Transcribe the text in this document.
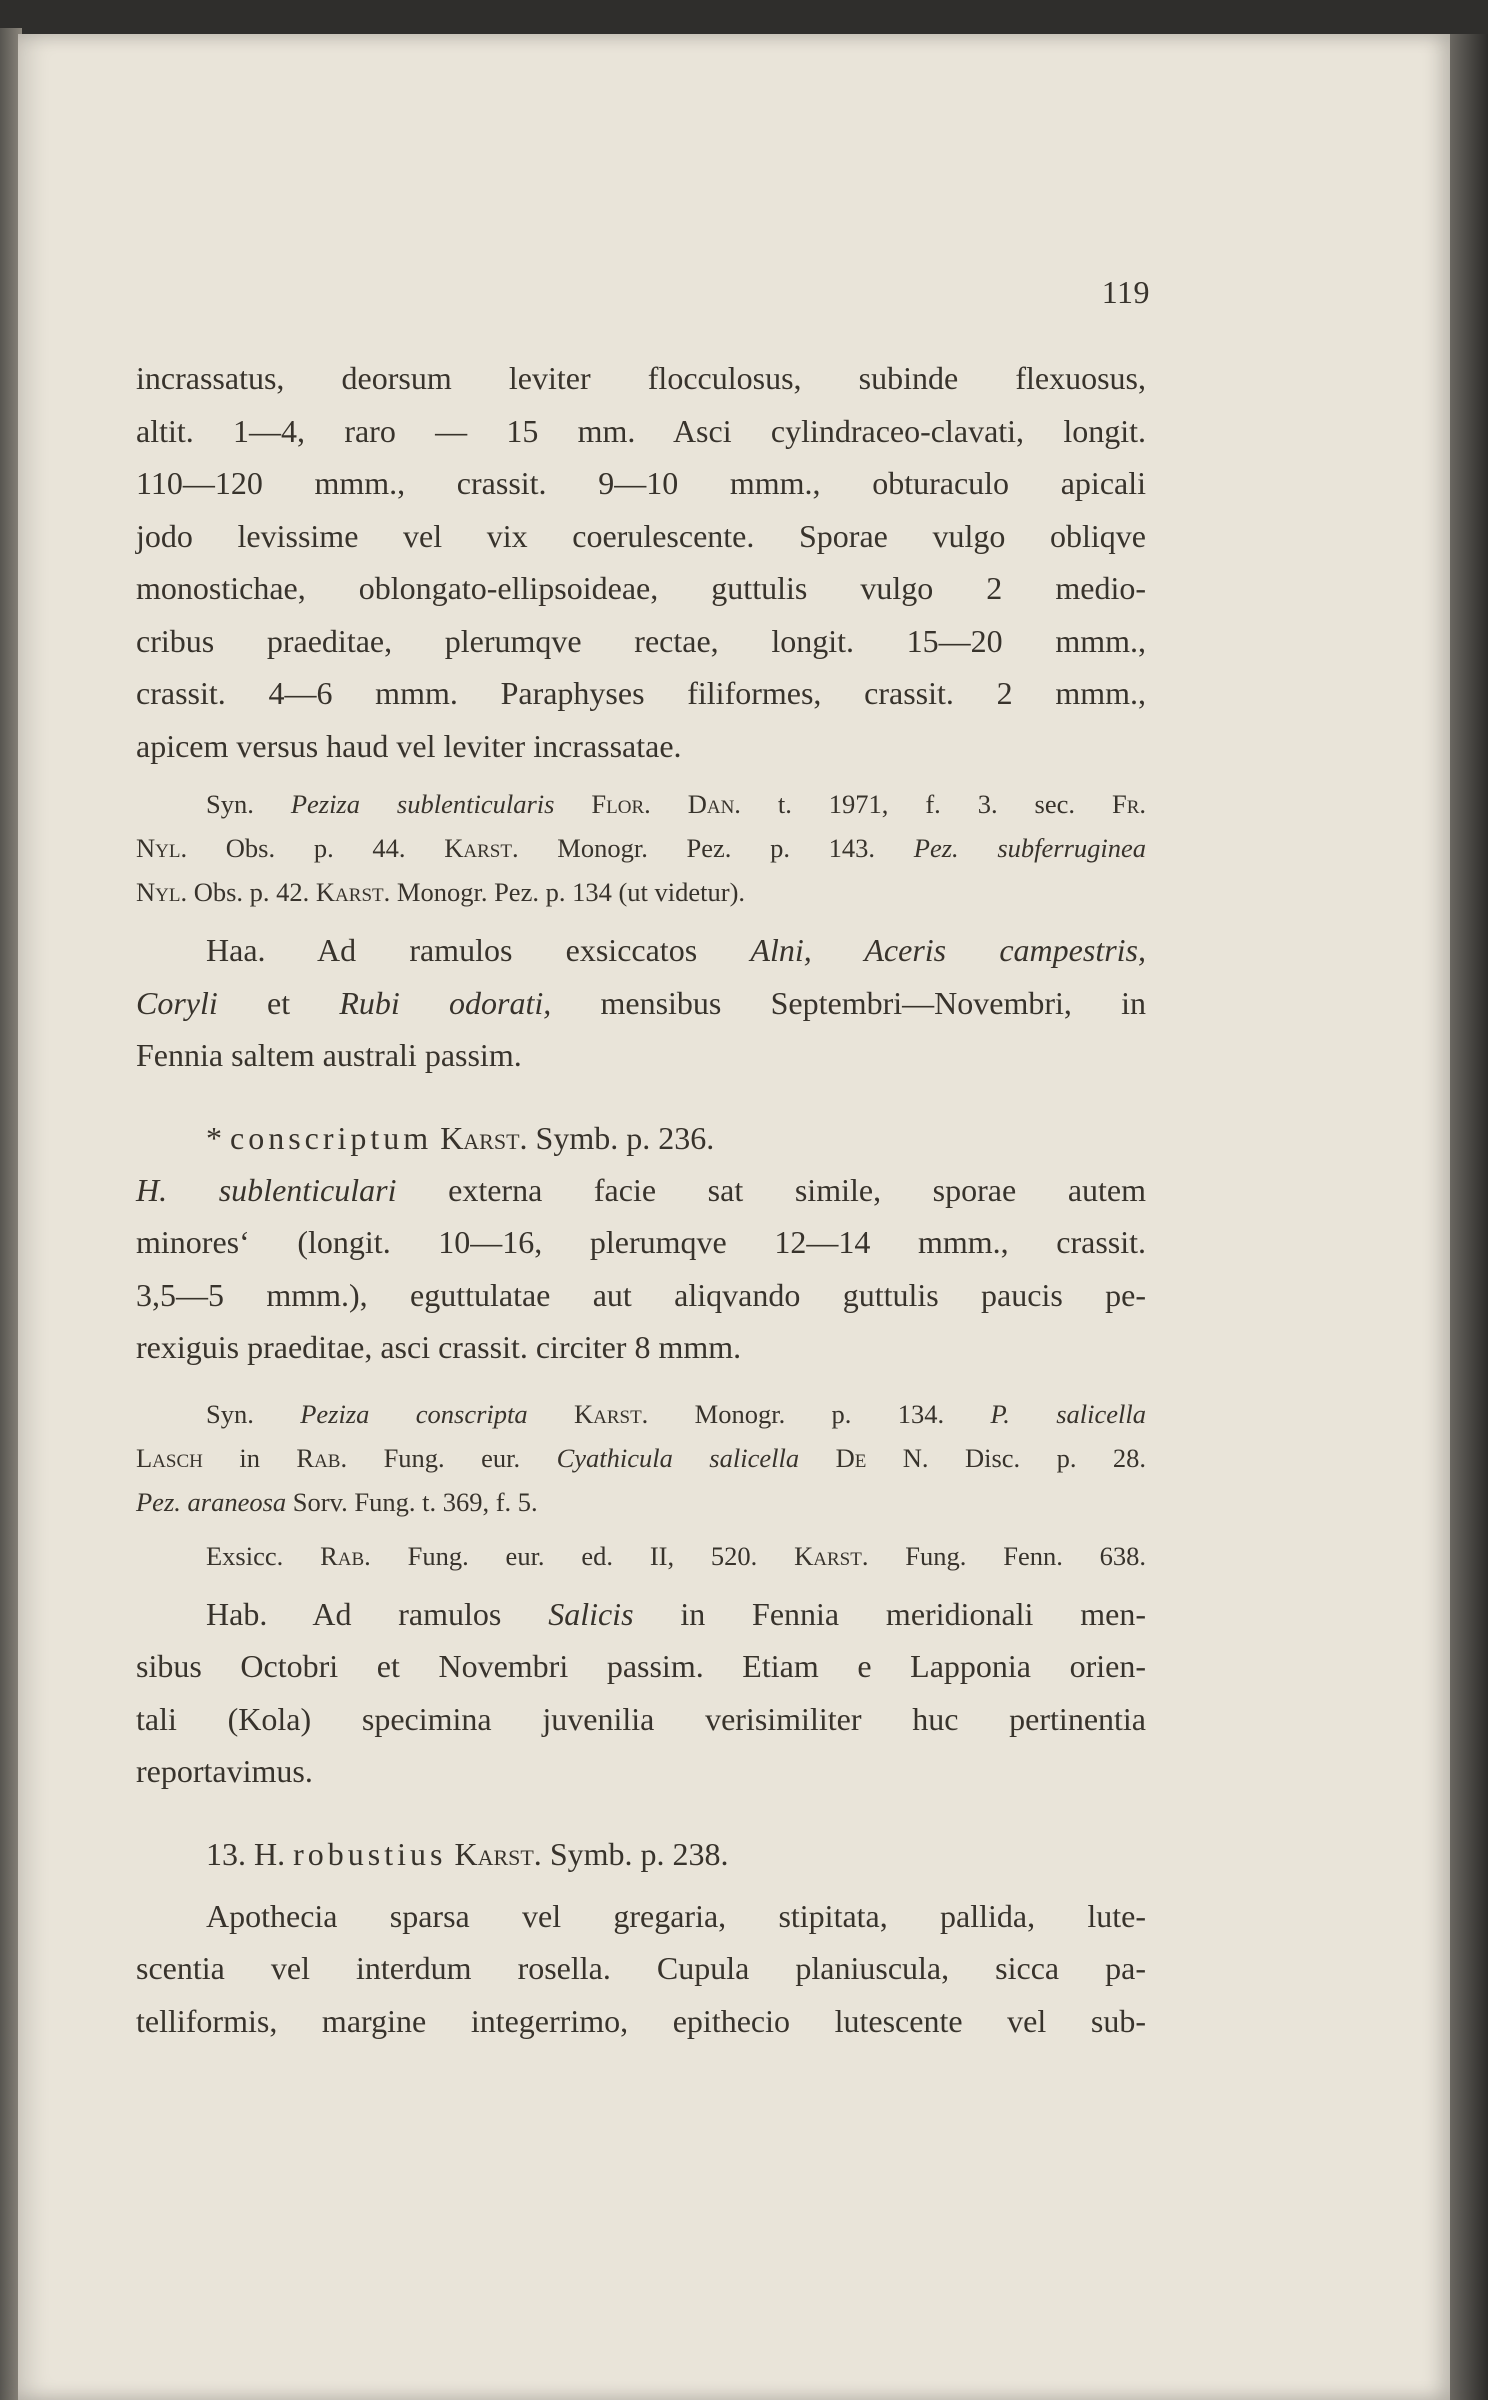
119

incrassatus, deorsum leviter flocculosus, subinde flexuosus,
altit. 1—4, raro — 15 mm. Asci cylindraceo-clavati, longit.
110—120 mmm., crassit. 9—10 mmm., obturaculo apicali
jodo levissime vel vix coerulescente. Sporae vulgo obliqve
monostichae, oblongato-ellipsoideae, guttulis vulgo 2 medio-
cribus praeditae, plerumqve rectae, longit. 15—20 mmm.,
crassit. 4—6 mmm. Paraphyses filiformes, crassit. 2 mmm.,
apicem versus haud vel leviter incrassatae.

Syn. Peziza sublenticularis Flor. Dan. t. 1971, f. 3. sec. Fr.
Nyl. Obs. p. 44. Karst. Monogr. Pez. p. 143. Pez. subferruginea
Nyl. Obs. p. 42. Karst. Monogr. Pez. p. 134 (ut videtur).

Haa. Ad ramulos exsiccatos Alni, Aceris campestris,
Coryli et Rubi odorati, mensibus Septembri—Novembri, in
Fennia saltem australi passim.

* conscriptum Karst. Symb. p. 236.

H. sublenticulari externa facie sat simile, sporae autem
minores‘ (longit. 10—16, plerumqve 12—14 mmm., crassit.
3,5—5 mmm.), eguttulatae aut aliqvando guttulis paucis pe-
rexiguis praeditae, asci crassit. circiter 8 mmm.

Syn. Peziza conscripta Karst. Monogr. p. 134. P. salicella
Lasch in Rab. Fung. eur. Cyathicula salicella De N. Disc. p. 28.
Pez. araneosa Sorv. Fung. t. 369, f. 5.

Exsicc. Rab. Fung. eur. ed. II, 520. Karst. Fung. Fenn. 638.

Hab. Ad ramulos Salicis in Fennia meridionali men-
sibus Octobri et Novembri passim. Etiam e Lapponia orien-
tali (Kola) specimina juvenilia verisimiliter huc pertinentia
reportavimus.

13. H. robustius Karst. Symb. p. 238.

Apothecia sparsa vel gregaria, stipitata, pallida, lute-
scentia vel interdum rosella. Cupula planiuscula, sicca pa-
telliformis, margine integerrimo, epithecio lutescente vel sub-
